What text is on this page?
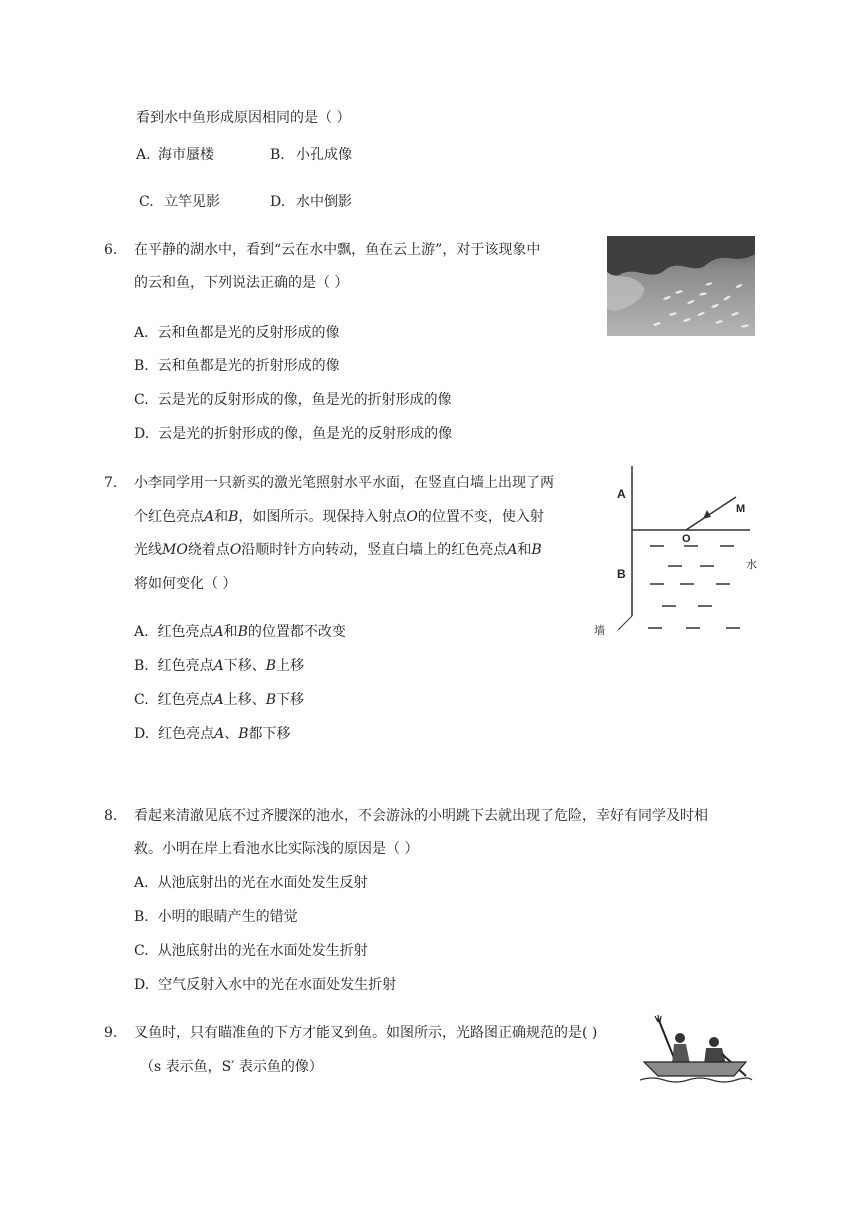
看到水中鱼形成原因相同的是（ ）
A. 海市蜃楼	B. 小孔成像
C. 立竿见影	D. 水中倒影
6. 在平静的湖水中，看到“云在水中飘，鱼在云上游”，对于该现象中
的云和鱼，下列说法正确的是（ ）
A. 云和鱼都是光的反射形成的像
B. 云和鱼都是光的折射形成的像
C. 云是光的反射形成的像，鱼是光的折射形成的像
D. 云是光的折射形成的像，鱼是光的反射形成的像
7. 小李同学用一只新买的激光笔照射水平水面，在竖直白墙上出现了两
个红色亮点A和B，如图所示。现保持入射点O的位置不变，使入射
光线MO绕着点O沿顺时针方向转动，竖直白墙上的红色亮点A和B
将如何变化（ ）
A. 红色亮点A和B的位置都不改变
B. 红色亮点A下移、B上移
C. 红色亮点A上移、B下移
D. 红色亮点A、B都下移
A
B
M
O
水
墙
8. 看起来清澈见底不过齐腰深的池水，不会游泳的小明跳下去就出现了危险，幸好有同学及时相
救。小明在岸上看池水比实际浅的原因是（ ）
A. 从池底射出的光在水面处发生反射
B. 小明的眼睛产生的错觉
C. 从池底射出的光在水面处发生折射
D. 空气反射入水中的光在水面处发生折射
9. 叉鱼时，只有瞄准鱼的下方才能叉到鱼。如图所示，光路图正确规范的是( )
（s 表示鱼，S′ 表示鱼的像）
